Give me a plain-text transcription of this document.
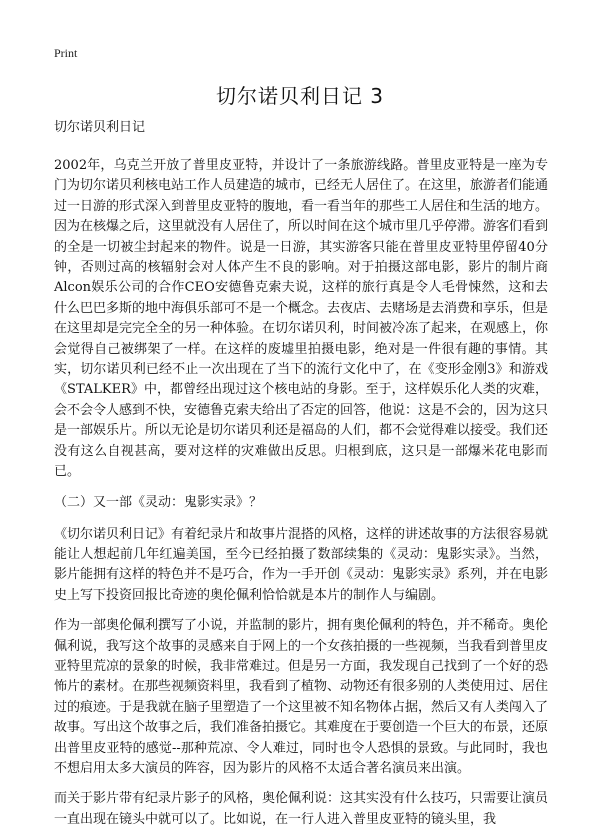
Print
切尔诺贝利日记 3
切尔诺贝利日记

2002年，乌克兰开放了普里皮亚特，并设计了一条旅游线路。普里皮亚特是一座为专门为切尔诺贝利核电站工作人员建造的城市，已经无人居住了。在这里，旅游者们能通过一日游的形式深入到普里皮亚特的腹地，看一看当年的那些工人居住和生活的地方。因为在核爆之后，这里就没有人居住了，所以时间在这个城市里几乎停滞。游客们看到的全是一切被尘封起来的物件。说是一日游，其实游客只能在普里皮亚特里停留40分钟，否则过高的核辐射会对人体产生不良的影响。对于拍摄这部电影，影片的制片商Alcon娱乐公司的合作CEO安德鲁克索夫说，这样的旅行真是令人毛骨悚然，这和去什么巴巴多斯的地中海俱乐部可不是一个概念。去夜店、去赌场是去消费和享乐，但是在这里却是完完全全的另一种体验。在切尔诺贝利，时间被冷冻了起来，在观感上，你会觉得自己被绑架了一样。在这样的废墟里拍摄电影，绝对是一件很有趣的事情。其实，切尔诺贝利已经不止一次出现在了当下的流行文化中了，在《变形金刚3》和游戏《STALKER》中，都曾经出现过这个核电站的身影。至于，这样娱乐化人类的灾难，会不会令人感到不快，安德鲁克索夫给出了否定的回答，他说：这是不会的，因为这只是一部娱乐片。所以无论是切尔诺贝利还是福岛的人们，都不会觉得难以接受。我们还没有这么自视甚高，要对这样的灾难做出反思。归根到底，这只是一部爆米花电影而已。

（二）又一部《灵动：鬼影实录》？

《切尔诺贝利日记》有着纪录片和故事片混搭的风格，这样的讲述故事的方法很容易就能让人想起前几年红遍美国，至今已经拍摄了数部续集的《灵动：鬼影实录》。当然，影片能拥有这样的特色并不是巧合，作为一手开创《灵动：鬼影实录》系列，并在电影史上写下投资回报比奇迹的奥伦佩利恰恰就是本片的制作人与编剧。

作为一部奥伦佩利撰写了小说，并监制的影片，拥有奥伦佩利的特色，并不稀奇。奥伦佩利说，我写这个故事的灵感来自于网上的一个女孩拍摄的一些视频，当我看到普里皮亚特里荒凉的景象的时候，我非常难过。但是另一方面，我发现自己找到了一个好的恐怖片的素材。在那些视频资料里，我看到了植物、动物还有很多别的人类使用过、居住过的痕迹。于是我就在脑子里塑造了一个这里被不知名物体占据，然后又有人类闯入了故事。写出这个故事之后，我们准备拍摄它。其难度在于要创造一个巨大的布景，还原出普里皮亚特的感觉--那种荒凉、令人难过，同时也令人恐惧的景致。与此同时，我也不想启用太多大演员的阵容，因为影片的风格不太适合著名演员来出演。

而关于影片带有纪录片影子的风格，奥伦佩利说：这其实没有什么技巧，只需要让演员一直出现在镜头中就可以了。比如说，在一行人进入普里皮亚特的镜头里，我
